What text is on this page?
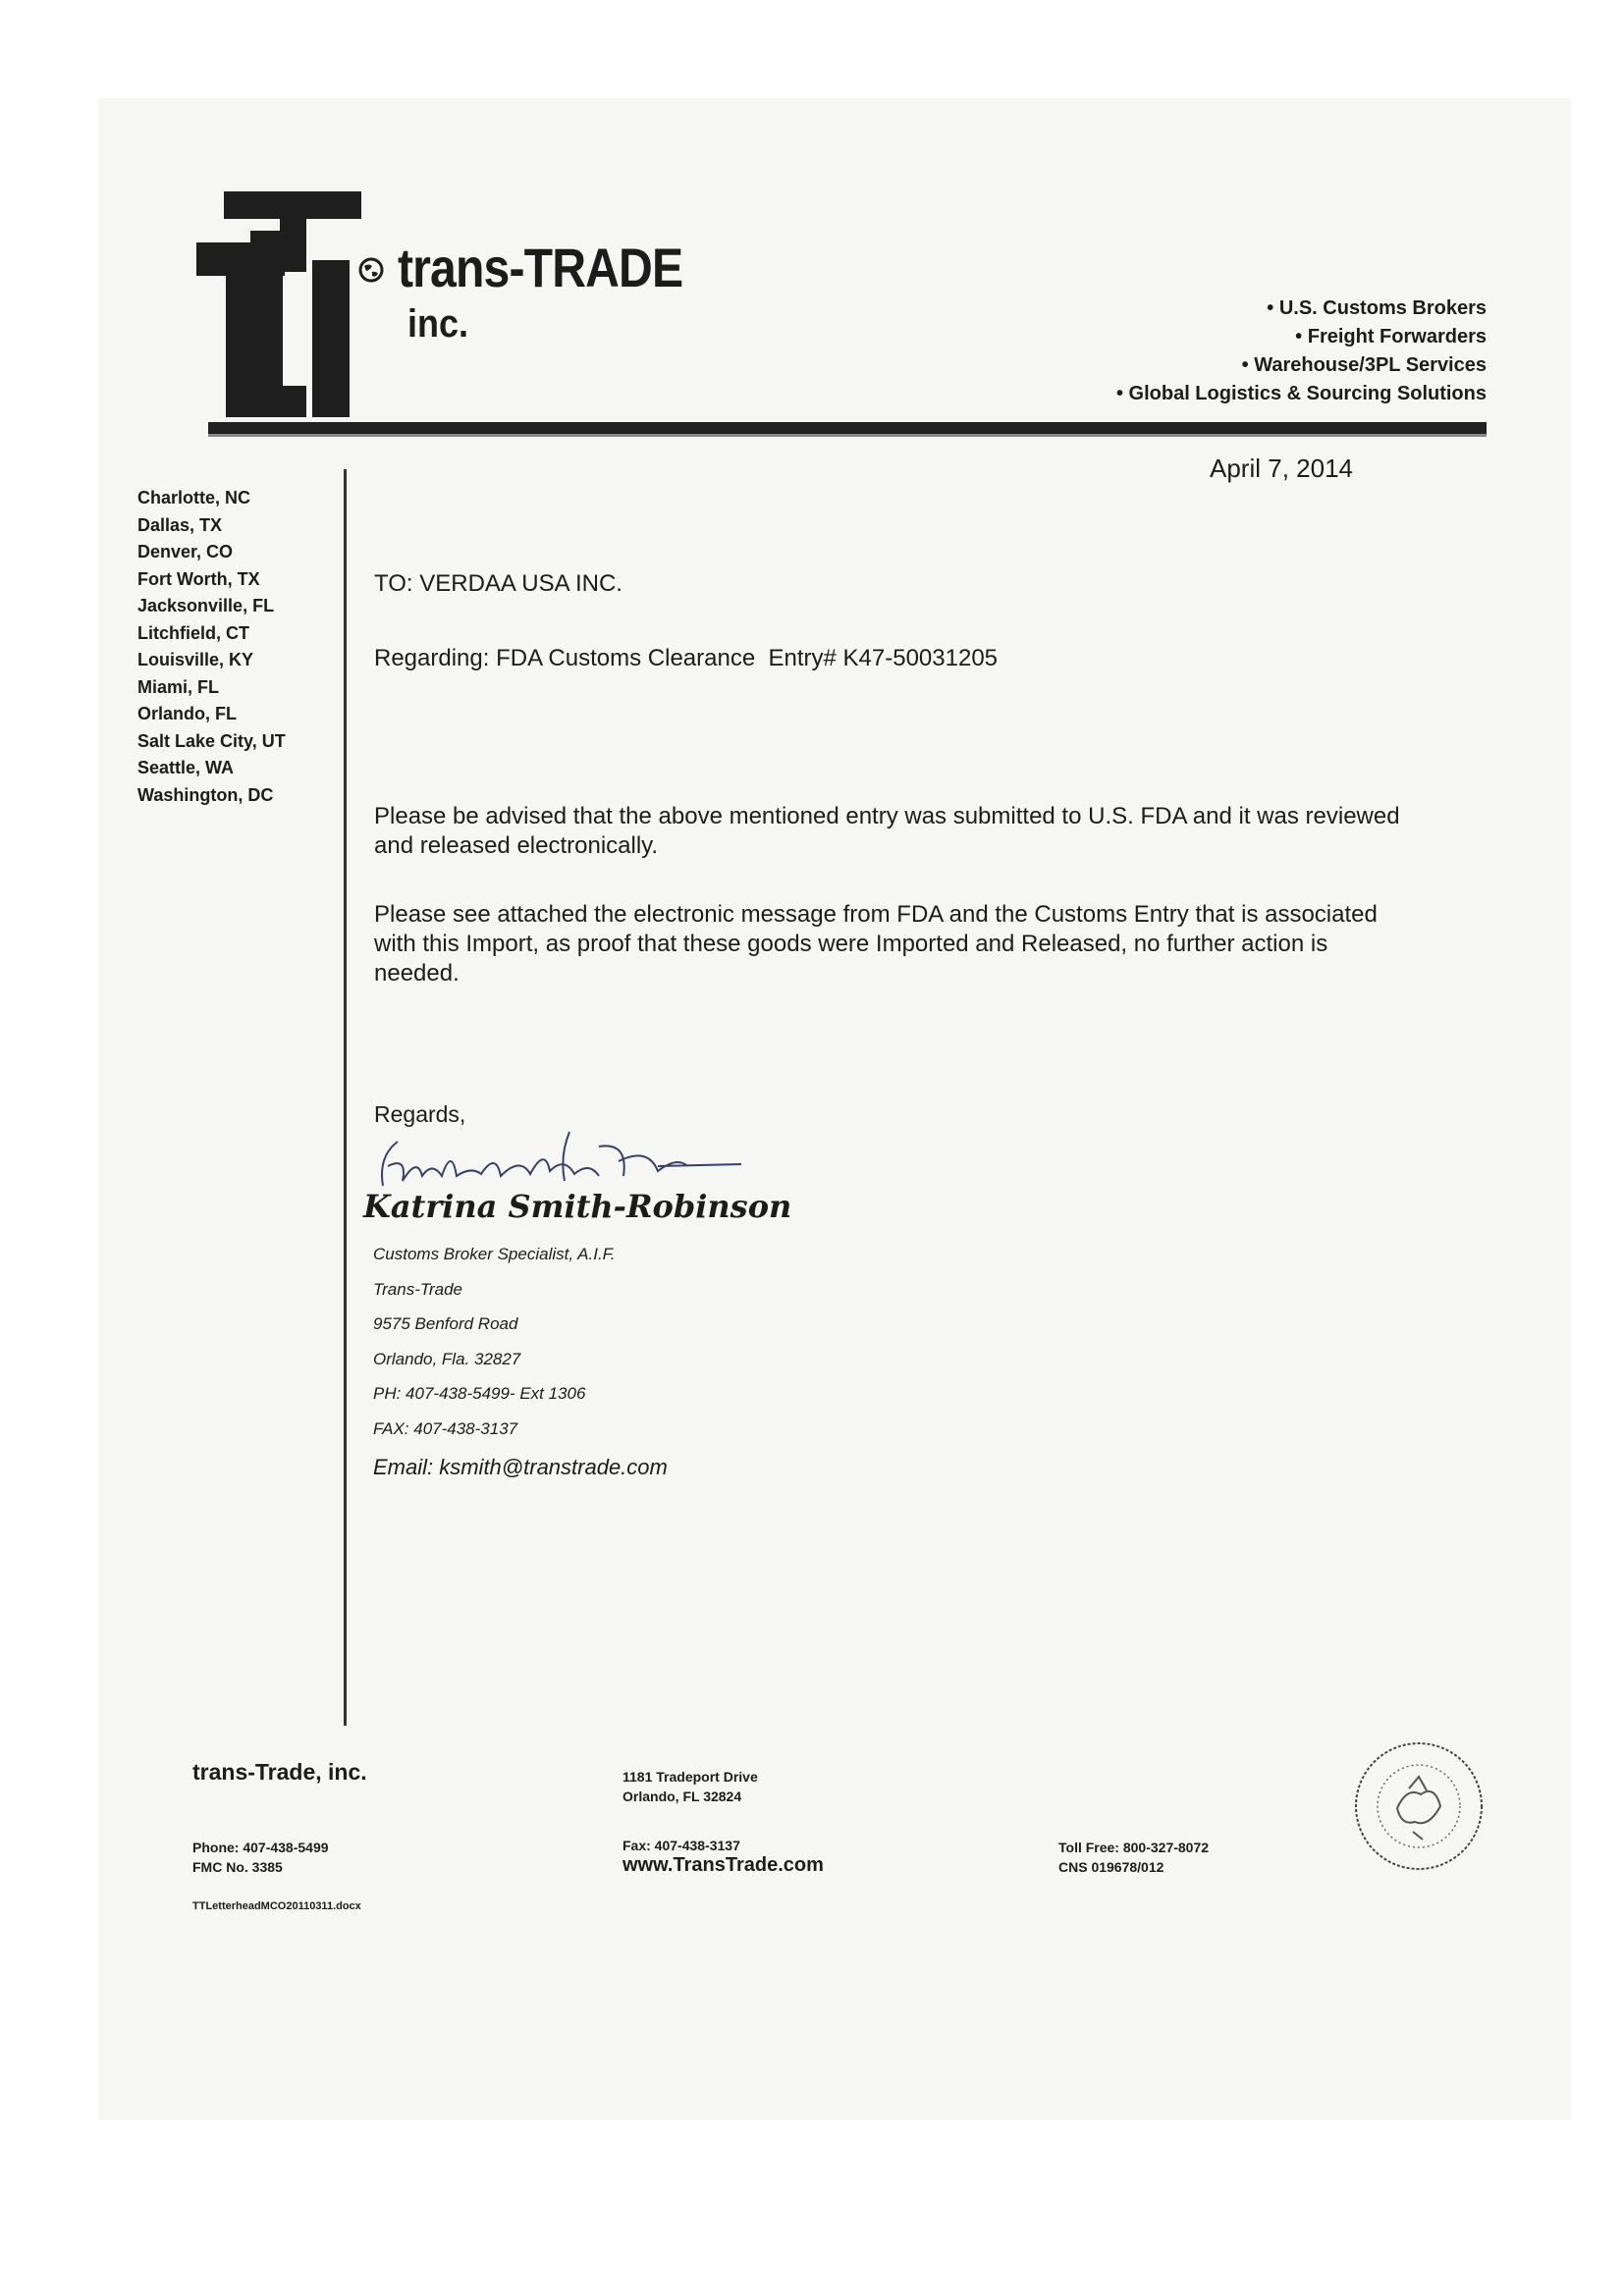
trans-TRADE
inc.	• U.S. Customs Brokers
• Freight Forwarders
• Warehouse/3PL Services
• Global Logistics & Sourcing Solutions
April 7, 2014
Charlotte, NC
Dallas, TX
Denver, CO
Fort Worth, TX
Jacksonville, FL
Litchfield, CT
Louisville, KY
Miami, FL
Orlando, FL
Salt Lake City, UT
Seattle, WA
Washington, DC
TO: VERDAA USA INC.
Regarding: FDA Customs Clearance  Entry# K47-50031205
Please be advised that the above mentioned entry was submitted to U.S. FDA and it was reviewed and released electronically.
Please see attached the electronic message from FDA and the Customs Entry that is associated with this Import, as proof that these goods were Imported and Released, no further action is needed.
Regards,
Katrina Smith-Robinson
Customs Broker Specialist, A.I.F.
Trans-Trade
9575 Benford Road
Orlando, Fla. 32827
PH: 407-438-5499- Ext 1306
FAX: 407-438-3137
Email: ksmith@transtrade.com
trans-Trade, inc.
Phone: 407-438-5499
FMC No. 3385
TTLetterheadMCO20110311.docx
1181 Tradeport Drive
Orlando, FL 32824
Fax: 407-438-3137
www.TransTrade.com
Toll Free: 800-327-8072
CNS 019678/012
